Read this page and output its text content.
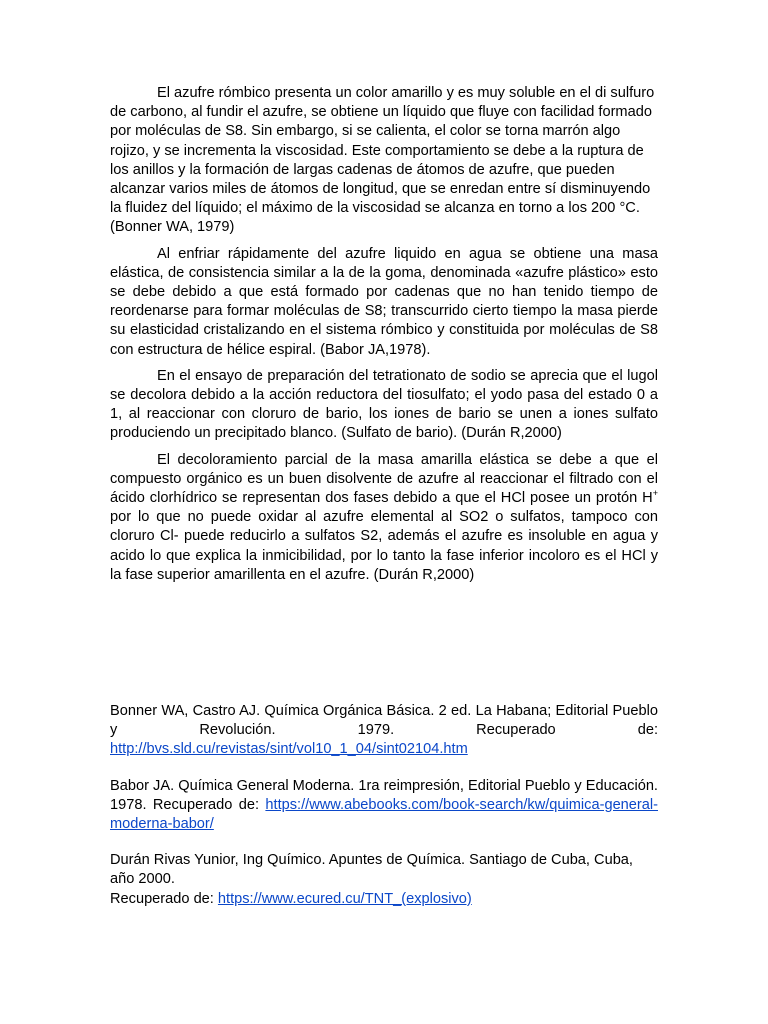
El azufre rómbico presenta un color amarillo y es muy soluble en el di sulfuro de carbono, al fundir el azufre, se obtiene un líquido que fluye con facilidad formado por moléculas de S8. Sin embargo, si se calienta, el color se torna marrón algo rojizo, y se incrementa la viscosidad. Este comportamiento se debe a la ruptura de los anillos y la formación de largas cadenas de átomos de azufre, que pueden alcanzar varios miles de átomos de longitud, que se enredan entre sí disminuyendo la fluidez del líquido; el máximo de la viscosidad se alcanza en torno a los 200 °C. (Bonner WA, 1979)

Al enfriar rápidamente del azufre liquido en agua se obtiene una masa elástica, de consistencia similar a la de la goma, denominada «azufre plástico» esto se debe debido a que está formado por cadenas que no han tenido tiempo de reordenarse para formar moléculas de S8; transcurrido cierto tiempo la masa pierde su elasticidad cristalizando en el sistema rómbico y constituida por moléculas de S8 con estructura de hélice espiral. (Babor JA,1978).

En el ensayo de preparación del tetrationato de sodio se aprecia que el lugol se decolora debido a la acción reductora del tiosulfato; el yodo pasa del estado 0 a 1, al reaccionar con cloruro de bario, los iones de bario se unen a iones sulfato produciendo un precipitado blanco. (Sulfato de bario). (Durán R,2000)

El decoloramiento parcial de la masa amarilla elástica se debe a que el compuesto orgánico es un buen disolvente de azufre al reaccionar el filtrado con el ácido clorhídrico se representan dos fases debido a que el HCl posee un protón H+ por lo que no puede oxidar al azufre elemental al SO2 o sulfatos, tampoco con cloruro Cl- puede reducirlo a sulfatos S2, además el azufre es insoluble en agua y acido lo que explica la inmicibilidad, por lo tanto la fase inferior incoloro es el HCl y la fase superior amarillenta en el azufre. (Durán R,2000)

Bonner WA, Castro AJ. Química Orgánica Básica. 2 ed. La Habana; Editorial Pueblo y Revolución. 1979. Recuperado de: http://bvs.sld.cu/revistas/sint/vol10_1_04/sint02104.htm

Babor JA. Química General Moderna. 1ra reimpresión, Editorial Pueblo y Educación. 1978. Recuperado de: https://www.abebooks.com/book-search/kw/quimica-general-moderna-babor/

Durán Rivas Yunior, Ing Químico. Apuntes de Química. Santiago de Cuba, Cuba, año 2000.
Recuperado de: https://www.ecured.cu/TNT_(explosivo)
